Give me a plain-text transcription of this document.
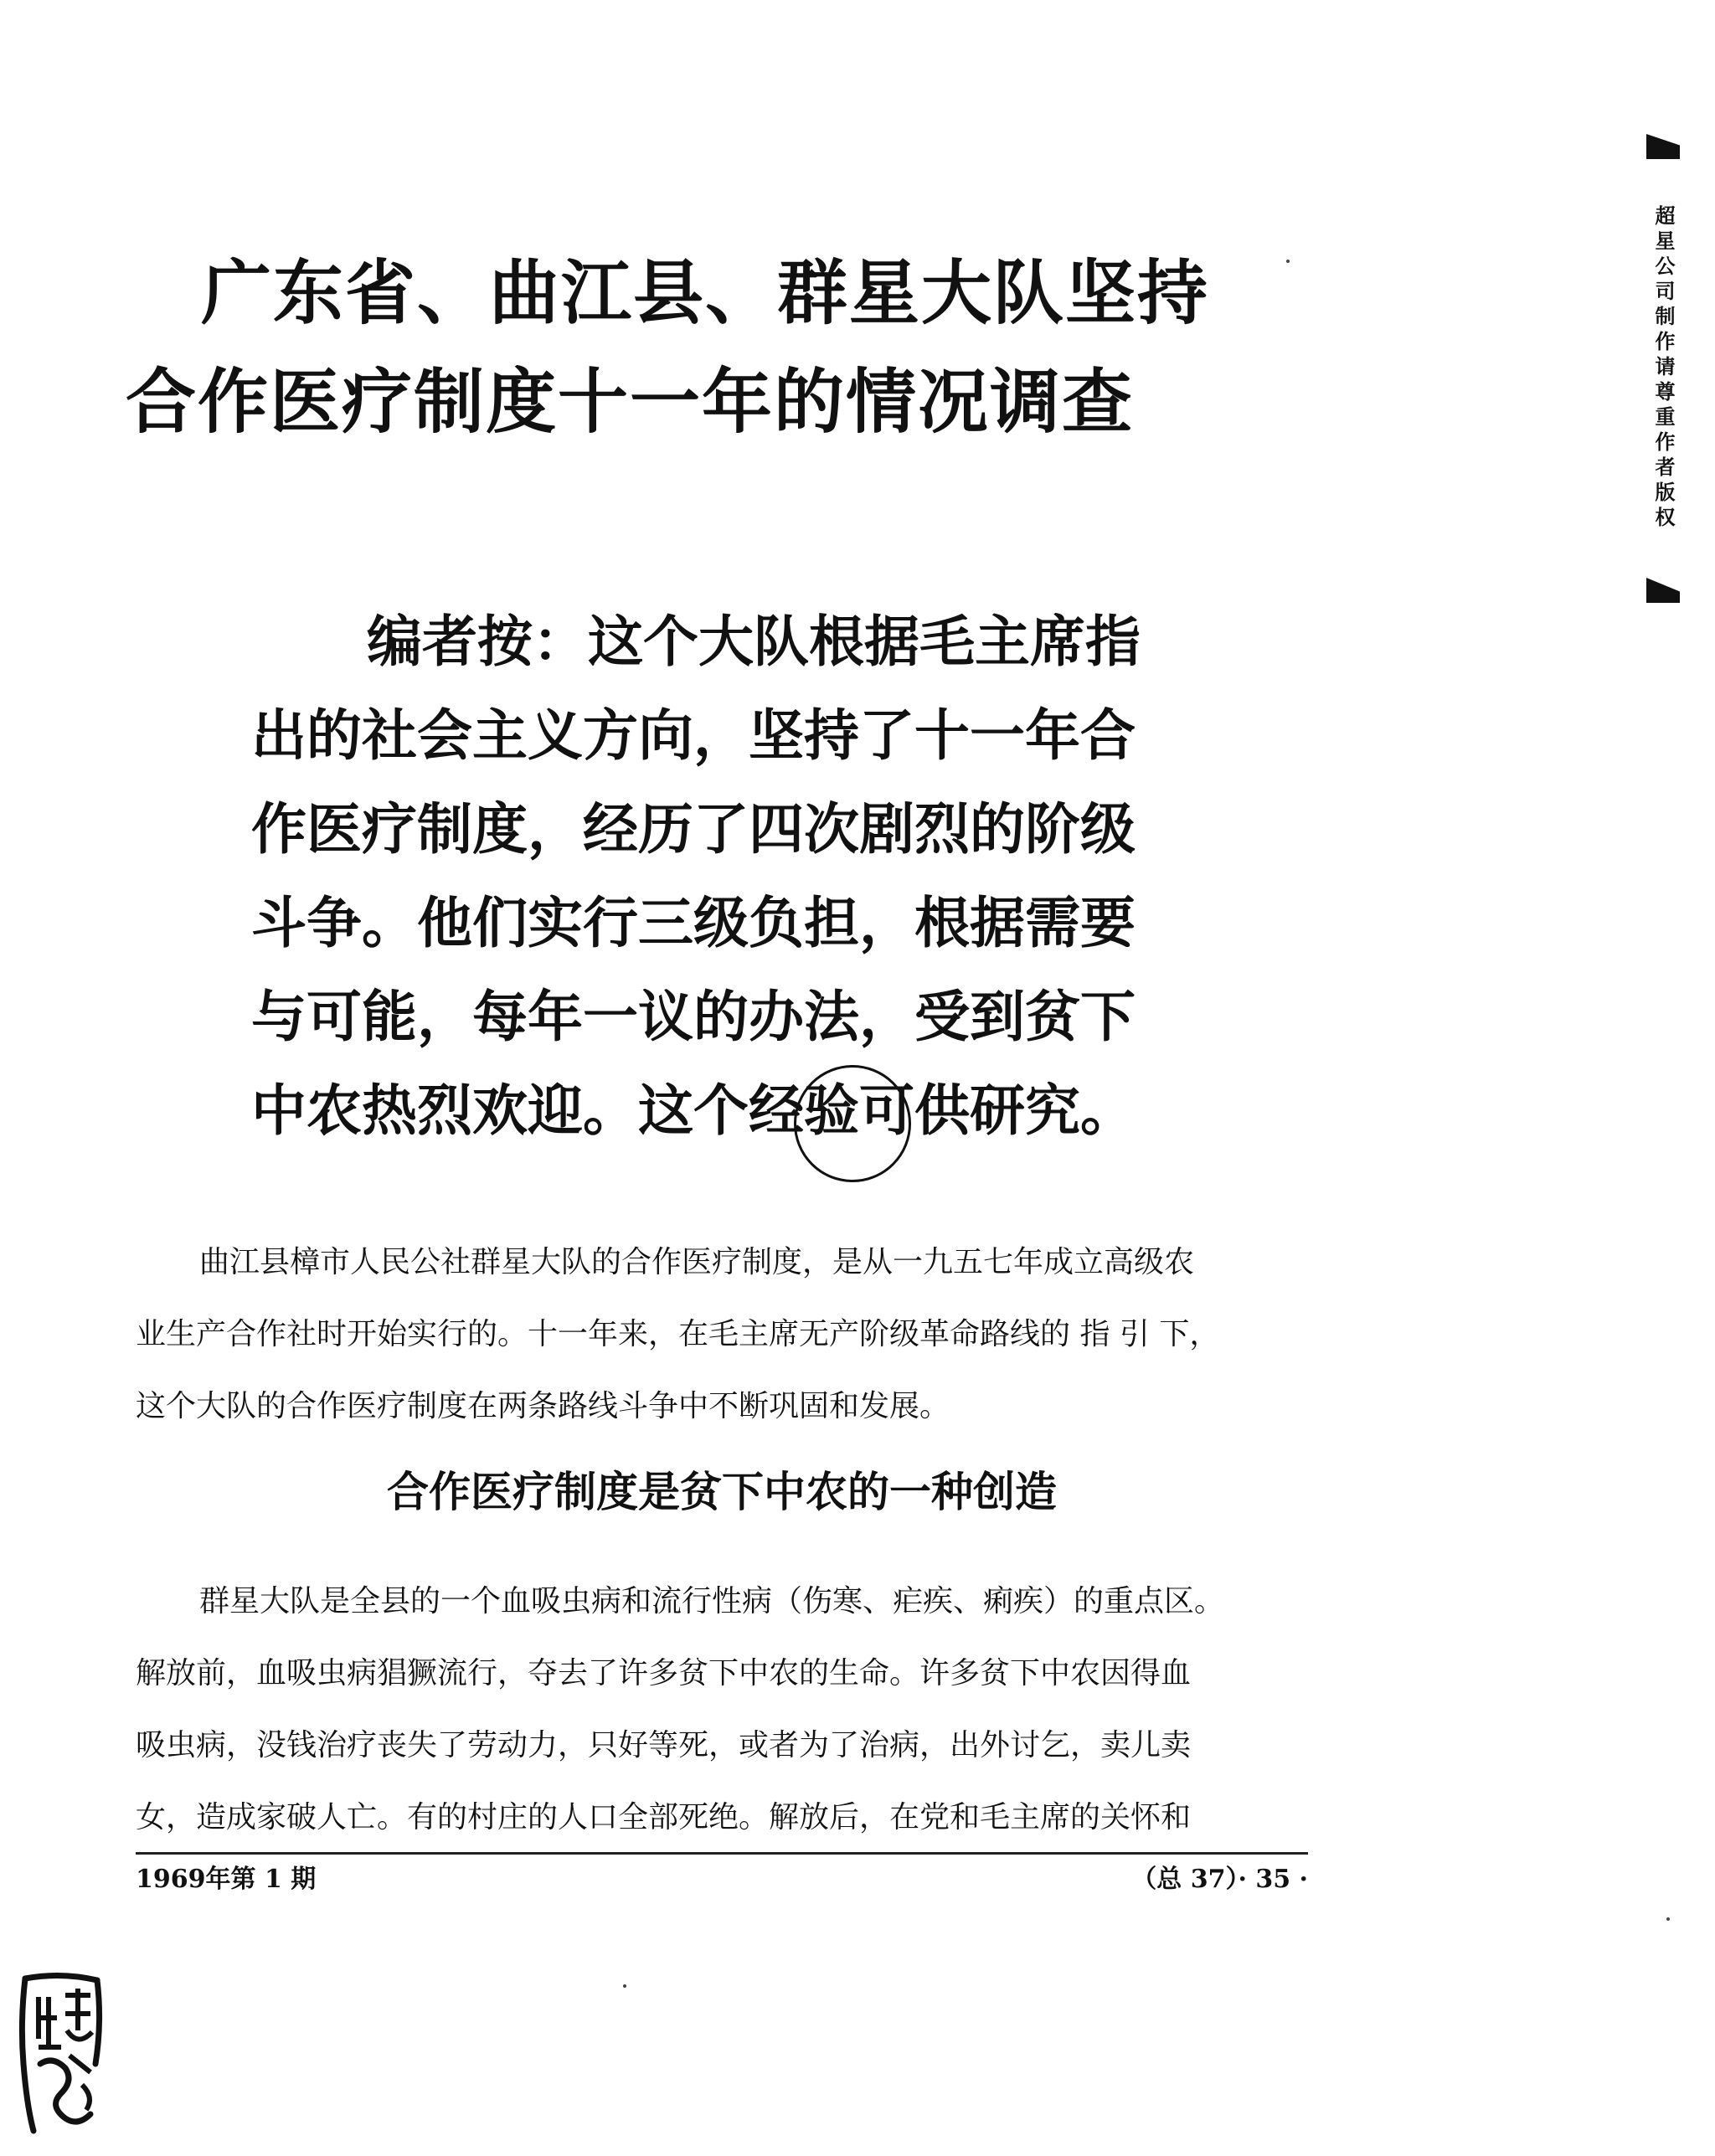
广东省、曲江县、群星大队坚持
合作医疗制度十一年的情况调查
编者按：这个大队根据毛主席指
出的社会主义方向，坚持了十一年合
作医疗制度，经历了四次剧烈的阶级
斗争。他们实行三级负担，根据需要
与可能，每年一议的办法，受到贫下
中农热烈欢迎。这个经验可供研究。
曲江县樟市人民公社群星大队的合作医疗制度，是从一九五七年成立高级农
业生产合作社时开始实行的。十一年来，在毛主席无产阶级革命路线的 指 引 下，
这个大队的合作医疗制度在两条路线斗争中不断巩固和发展。
合作医疗制度是贫下中农的一种创造
群星大队是全县的一个血吸虫病和流行性病（伤寒、疟疾、痢疾）的重点区。
解放前，血吸虫病猖獗流行，夺去了许多贫下中农的生命。许多贫下中农因得血
吸虫病，没钱治疗丧失了劳动力，只好等死，或者为了治病，出外讨乞，卖儿卖
女，造成家破人亡。有的村庄的人口全部死绝。解放后，在党和毛主席的关怀和
1969年第 1 期	（总 37）· 35 ·
超星公司制作请尊重作者版权
